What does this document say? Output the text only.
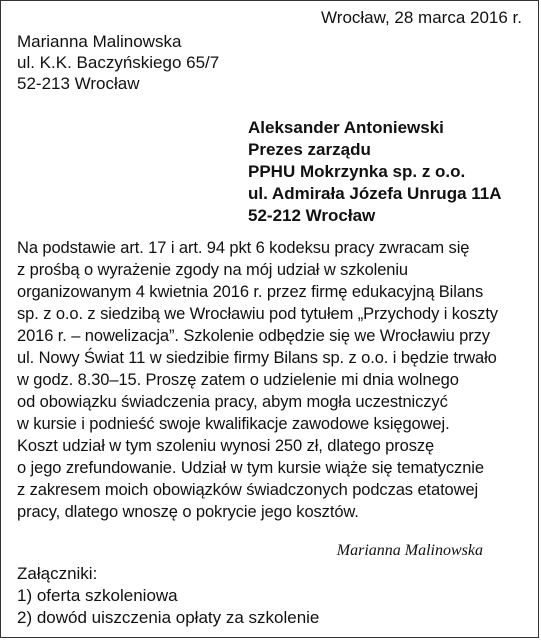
Wrocław, 28 marca 2016 r.
Marianna Malinowska
ul. K.K. Baczyńskiego 65/7
52-213 Wrocław
Aleksander Antoniewski
Prezes zarządu
PPHU Mokrzynka sp. z o.o.
ul. Admirała Józefa Unruga 11A
52-212 Wrocław
Na podstawie art. 17 i art. 94 pkt 6 kodeksu pracy zwracam się
z prośbą o wyrażenie zgody na mój udział w szkoleniu
organizowanym 4 kwietnia 2016 r. przez firmę edukacyjną Bilans
sp. z o.o. z siedzibą we Wrocławiu pod tytułem „Przychody i koszty
2016 r. – nowelizacja”. Szkolenie odbędzie się we Wrocławiu przy
ul. Nowy Świat 11 w siedzibie firmy Bilans sp. z o.o. i będzie trwało
w godz. 8.30–15. Proszę zatem o udzielenie mi dnia wolnego
od obowiązku świadczenia pracy, abym mogła uczestniczyć
w kursie i podnieść swoje kwalifikacje zawodowe księgowej.
Koszt udział w tym szoleniu wynosi 250 zł, dlatego proszę
o jego zrefundowanie. Udział w tym kursie wiąże się tematycznie
z zakresem moich obowiązków świadczonych podczas etatowej
pracy, dlatego wnoszę o pokrycie jego kosztów.
Marianna Malinowska
Załączniki:
1) oferta szkoleniowa
2) dowód uiszczenia opłaty za szkolenie
